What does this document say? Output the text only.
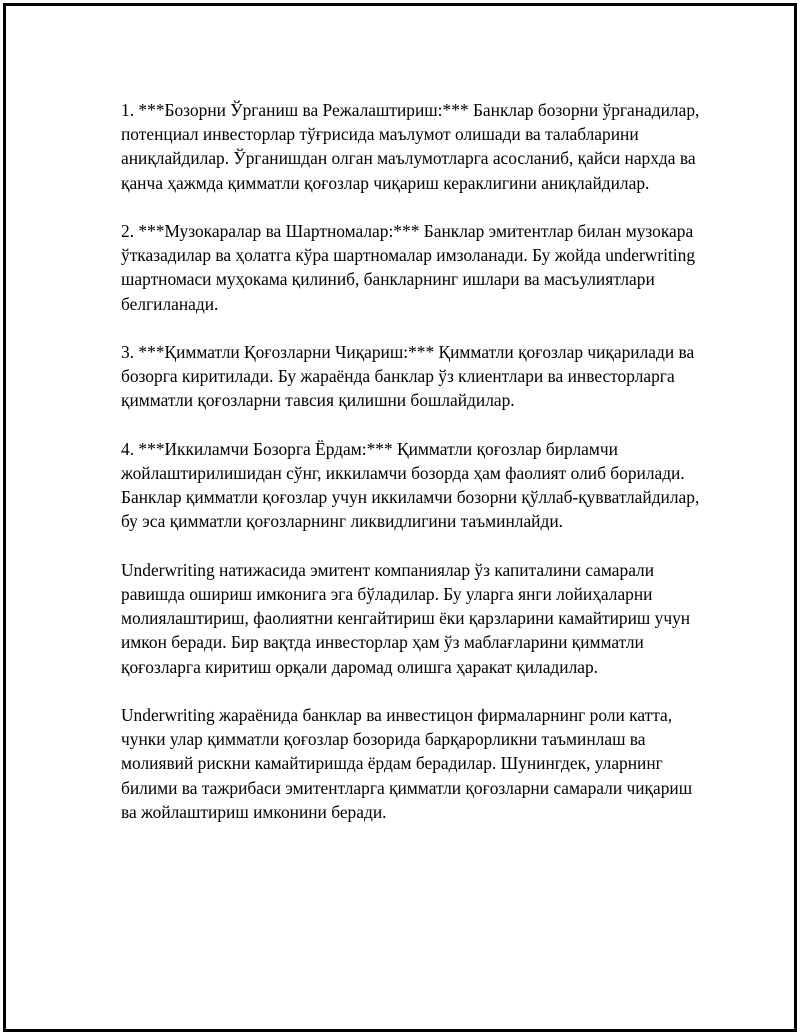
1. ***Бозорни Ўрганиш ва Режалаштириш:*** Банклар бозорни ўрганадилар, потенциал инвесторлар тўғрисида маълумот олишади ва талабларини аниқлайдилар. Ўрганишдан олган маълумотларга асосланиб, қайси нархда ва қанча ҳажмда қимматли қоғозлар чиқариш кераклигини аниқлайдилар.

2. ***Музокаралар ва Шартномалар:*** Банклар эмитентлар билан музокара ўтказадилар ва ҳолатга кўра шартномалар имзоланади. Бу жойда underwriting шартномаси муҳокама қилиниб, банкларнинг ишлари ва масъулиятлари белгиланади.

3. ***Қимматли Қоғозларни Чиқариш:*** Қимматли қоғозлар чиқарилади ва бозорга киритилади. Бу жараёнда банклар ўз клиентлари ва инвесторларга қимматли қоғозларни тавсия қилишни бошлайдилар.

4. ***Иккиламчи Бозорга Ёрдам:*** Қимматли қоғозлар бирламчи жойлаштирилишидан сўнг, иккиламчи бозорда ҳам фаолият олиб борилади. Банклар қимматли қоғозлар учун иккиламчи бозорни қўллаб-қувватлайдилар, бу эса қимматли қоғозларнинг ликвидлигини таъминлайди.

Underwriting натижасида эмитент компаниялар ўз капиталини самарали равишда ошириш имконига эга бўладилар. Бу уларга янги лойиҳаларни молиялаштириш, фаолиятни кенгайтириш ёки қарзларини камайтириш учун имкон беради. Бир вақтда инвесторлар ҳам ўз маблағларини қимматли қоғозларга киритиш орқали даромад олишга ҳаракат қиладилар.

Underwriting жараёнида банклар ва инвестицон фирмаларнинг роли катта, чунки улар қимматли қоғозлар бозорида барқарорликни таъминлаш ва молиявий рискни камайтиришда ёрдам берадилар. Шунингдек, уларнинг билими ва тажрибаси эмитентларга қимматли қоғозларни самарали чиқариш ва жойлаштириш имконини беради.
